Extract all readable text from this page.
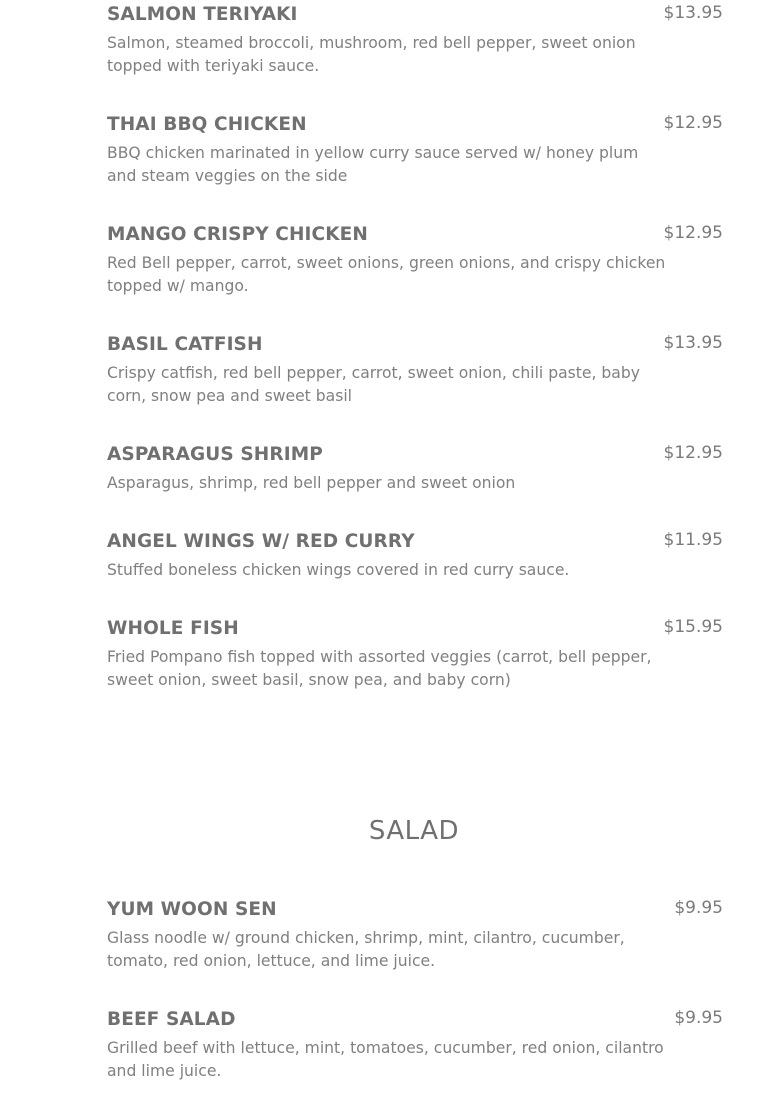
SALMON TERIYAKI	$13.95
Salmon, steamed broccoli, mushroom, red bell pepper, sweet onion topped with teriyaki sauce.
THAI BBQ CHICKEN	$12.95
BBQ chicken marinated in yellow curry sauce served w/ honey plum and steam veggies on the side
MANGO CRISPY CHICKEN	$12.95
Red Bell pepper, carrot, sweet onions, green onions, and crispy chicken topped w/ mango.
BASIL CATFISH	$13.95
Crispy catfish, red bell pepper, carrot, sweet onion, chili paste, baby corn, snow pea and sweet basil
ASPARAGUS SHRIMP	$12.95
Asparagus, shrimp, red bell pepper and sweet onion
ANGEL WINGS W/ RED CURRY	$11.95
Stuffed boneless chicken wings covered in red curry sauce.
WHOLE FISH	$15.95
Fried Pompano fish topped with assorted veggies (carrot, bell pepper, sweet onion, sweet basil, snow pea, and baby corn)
SALAD
YUM WOON SEN	$9.95
Glass noodle w/ ground chicken, shrimp, mint, cilantro, cucumber, tomato, red onion, lettuce, and lime juice.
BEEF SALAD	$9.95
Grilled beef with lettuce, mint, tomatoes, cucumber, red onion, cilantro and lime juice.
